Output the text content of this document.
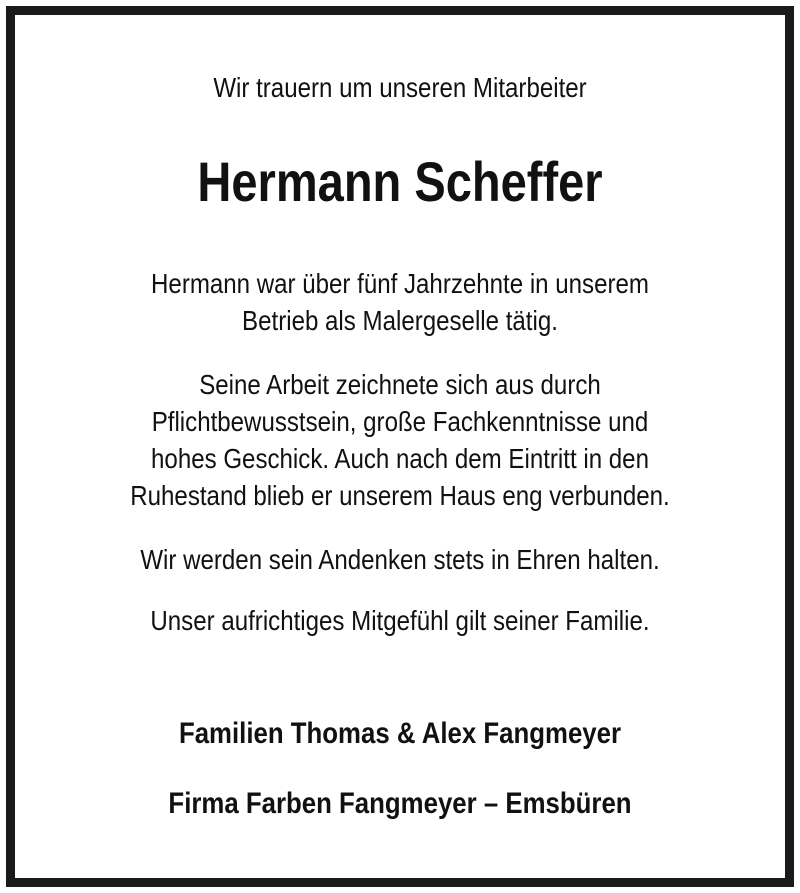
Wir trauern um unseren Mitarbeiter
Hermann Scheffer
Hermann war über fünf Jahrzehnte in unserem
Betrieb als Malergeselle tätig.
Seine Arbeit zeichnete sich aus durch
Pflichtbewusstsein, große Fachkenntnisse und
hohes Geschick. Auch nach dem Eintritt in den
Ruhestand blieb er unserem Haus eng verbunden.
Wir werden sein Andenken stets in Ehren halten.
Unser aufrichtiges Mitgefühl gilt seiner Familie.
Familien Thomas & Alex Fangmeyer
Firma Farben Fangmeyer – Emsbüren
